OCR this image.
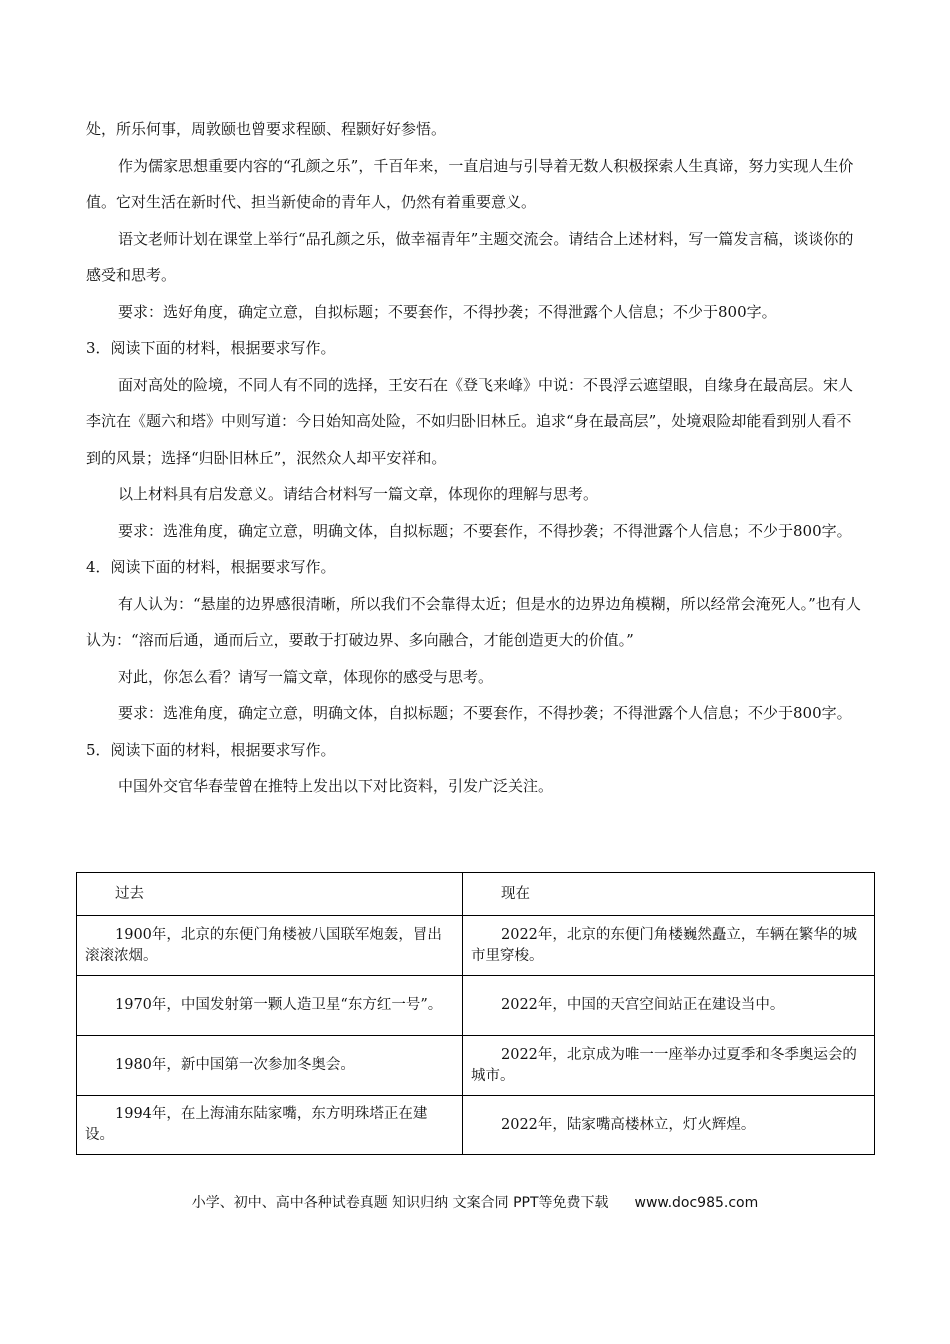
处，所乐何事，周敦颐也曾要求程颐、程颢好好参悟。

作为儒家思想重要内容的“孔颜之乐”，千百年来，一直启迪与引导着无数人积极探索人生真谛，努力实现人生价值。它对生活在新时代、担当新使命的青年人，仍然有着重要意义。

语文老师计划在课堂上举行“品孔颜之乐，做幸福青年”主题交流会。请结合上述材料，写一篇发言稿，谈谈你的感受和思考。

要求：选好角度，确定立意，自拟标题；不要套作，不得抄袭；不得泄露个人信息；不少于800字。

3．阅读下面的材料，根据要求写作。

面对高处的险境，不同人有不同的选择，王安石在《登飞来峰》中说：不畏浮云遮望眼，自缘身在最高层。宋人李沆在《题六和塔》中则写道：今日始知高处险，不如归卧旧林丘。追求“身在最高层”，处境艰险却能看到别人看不到的风景；选择“归卧旧林丘”，泯然众人却平安祥和。

以上材料具有启发意义。请结合材料写一篇文章，体现你的理解与思考。

要求：选准角度，确定立意，明确文体，自拟标题；不要套作，不得抄袭；不得泄露个人信息；不少于800字。

4．阅读下面的材料，根据要求写作。

有人认为：“悬崖的边界感很清晰，所以我们不会靠得太近；但是水的边界边角模糊，所以经常会淹死人。”也有人认为：“溶而后通，通而后立，要敢于打破边界、多向融合，才能创造更大的价值。”

对此，你怎么看？请写一篇文章，体现你的感受与思考。

要求：选准角度，确定立意，明确文体，自拟标题；不要套作，不得抄袭；不得泄露个人信息；不少于800字。

5．阅读下面的材料，根据要求写作。

中国外交官华春莹曾在推特上发出以下对比资料，引发广泛关注。

过去	现在

1900年，北京的东便门角楼被八国联军炮轰，冒出滚滚浓烟。	2022年，北京的东便门角楼巍然矗立，车辆在繁华的城市里穿梭。

1970年，中国发射第一颗人造卫星“东方红一号”。	2022年，中国的天宫空间站正在建设当中。

1980年，新中国第一次参加冬奥会。	2022年，北京成为唯一一座举办过夏季和冬季奥运会的城市。

1994年，在上海浦东陆家嘴，东方明珠塔正在建设。	2022年，陆家嘴高楼林立，灯火辉煌。
小学、初中、高中各种试卷真题 知识归纳 文案合同 PPT等免费下载 www.doc985.com
